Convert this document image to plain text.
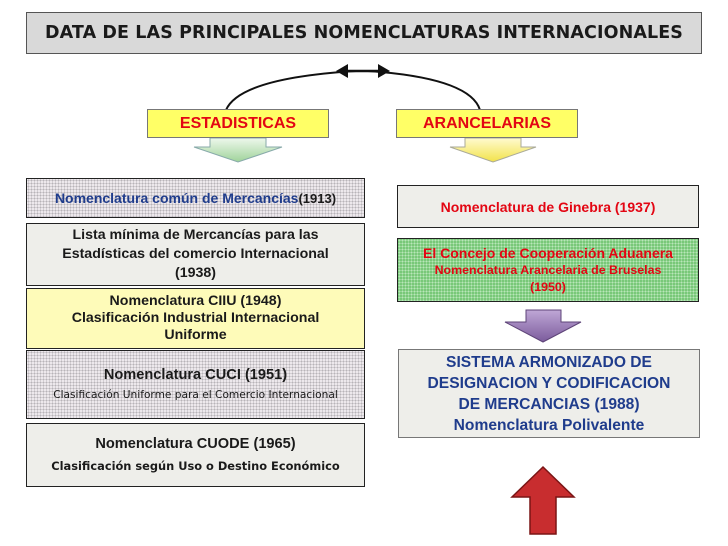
DATA DE LAS PRINCIPALES NOMENCLATURAS INTERNACIONALES
ESTADISTICAS	ARANCELARIAS
Nomenclatura común de Mercancías (1913)
Lista mínima de Mercancías para las
Estadísticas del comercio Internacional
(1938)
Nomenclatura CIIU (1948)
Clasificación Industrial Internacional
Uniforme
Nomenclatura CUCI (1951)
Clasificación Uniforme para el Comercio Internacional
Nomenclatura CUODE (1965)
Clasificación según Uso o Destino Económico
Nomenclatura de Ginebra (1937)
El Concejo de Cooperación Aduanera
Nomenclatura Arancelaria de Bruselas
(1950)
SISTEMA ARMONIZADO DE
DESIGNACION Y CODIFICACION
DE MERCANCIAS (1988)
Nomenclatura Polivalente
